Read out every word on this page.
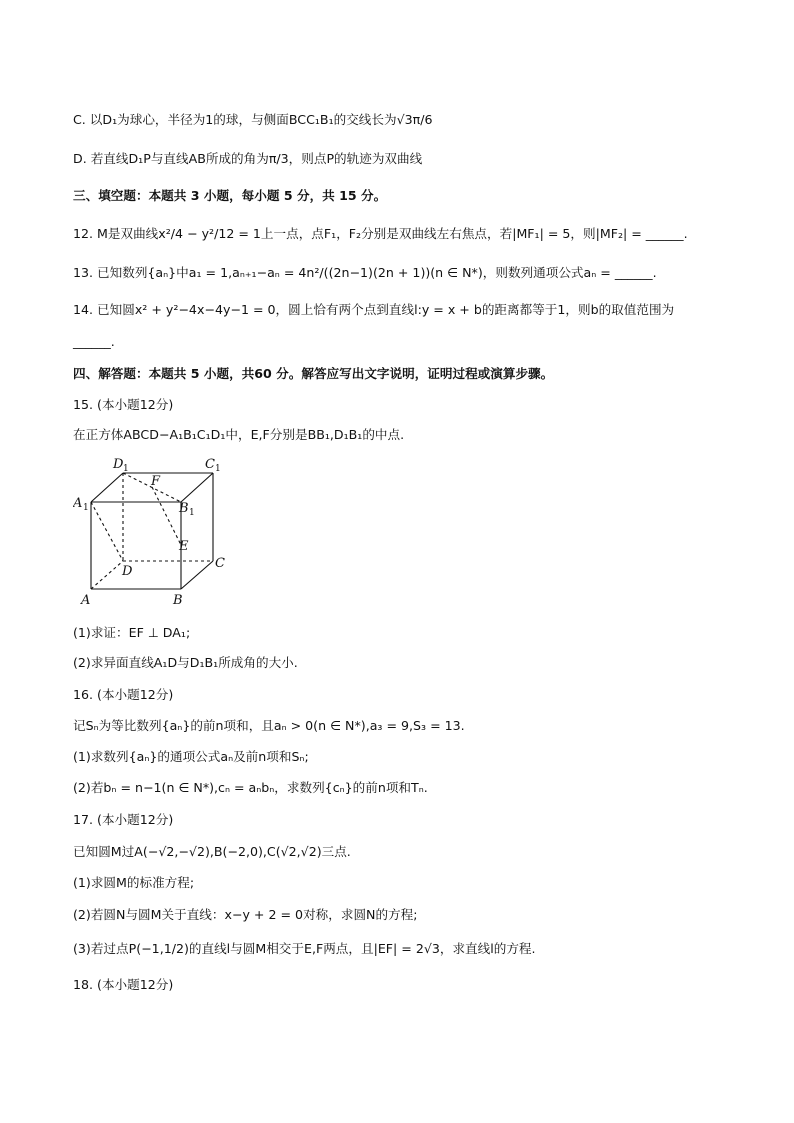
C. 以D₁为球心，半径为1的球，与侧面BCC₁B₁的交线长为√3π/6
D. 若直线D₁P与直线AB所成的角为π/3，则点P的轨迹为双曲线
三、填空题：本题共 3 小题，每小题 5 分，共 15 分。
12. M是双曲线x²/4 − y²/12 = 1上一点，点F₁，F₂分别是双曲线左右焦点，若|MF₁| = 5，则|MF₂| = ______.
13. 已知数列{aₙ}中a₁ = 1,aₙ₊₁−aₙ = 4n²/((2n−1)(2n + 1))(n ∈ N*)，则数列通项公式aₙ = ______.
14. 已知圆x² + y²−4x−4y−1 = 0，圆上恰有两个点到直线l:y = x + b的距离都等于1，则b的取值范围为
______.
四、解答题：本题共 5 小题，共60 分。解答应写出文字说明，证明过程或演算步骤。
15. (本小题12分)
在正方体ABCD−A₁B₁C₁D₁中，E,F分别是BB₁,D₁B₁的中点.
D 1	C 1
A 1	B 1
F
E
C
D
A	B
(1)求证：EF ⊥ DA₁;
(2)求异面直线A₁D与D₁B₁所成角的大小.
16. (本小题12分)
记Sₙ为等比数列{aₙ}的前n项和，且aₙ > 0(n ∈ N*),a₃ = 9,S₃ = 13.
(1)求数列{aₙ}的通项公式aₙ及前n项和Sₙ;
(2)若bₙ = n−1(n ∈ N*),cₙ = aₙbₙ，求数列{cₙ}的前n项和Tₙ.
17. (本小题12分)
已知圆M过A(−√2,−√2),B(−2,0),C(√2,√2)三点.
(1)求圆M的标准方程;
(2)若圆N与圆M关于直线：x−y + 2 = 0对称，求圆N的方程;
(3)若过点P(−1,1/2)的直线l与圆M相交于E,F两点，且|EF| = 2√3，求直线l的方程.
18. (本小题12分)
